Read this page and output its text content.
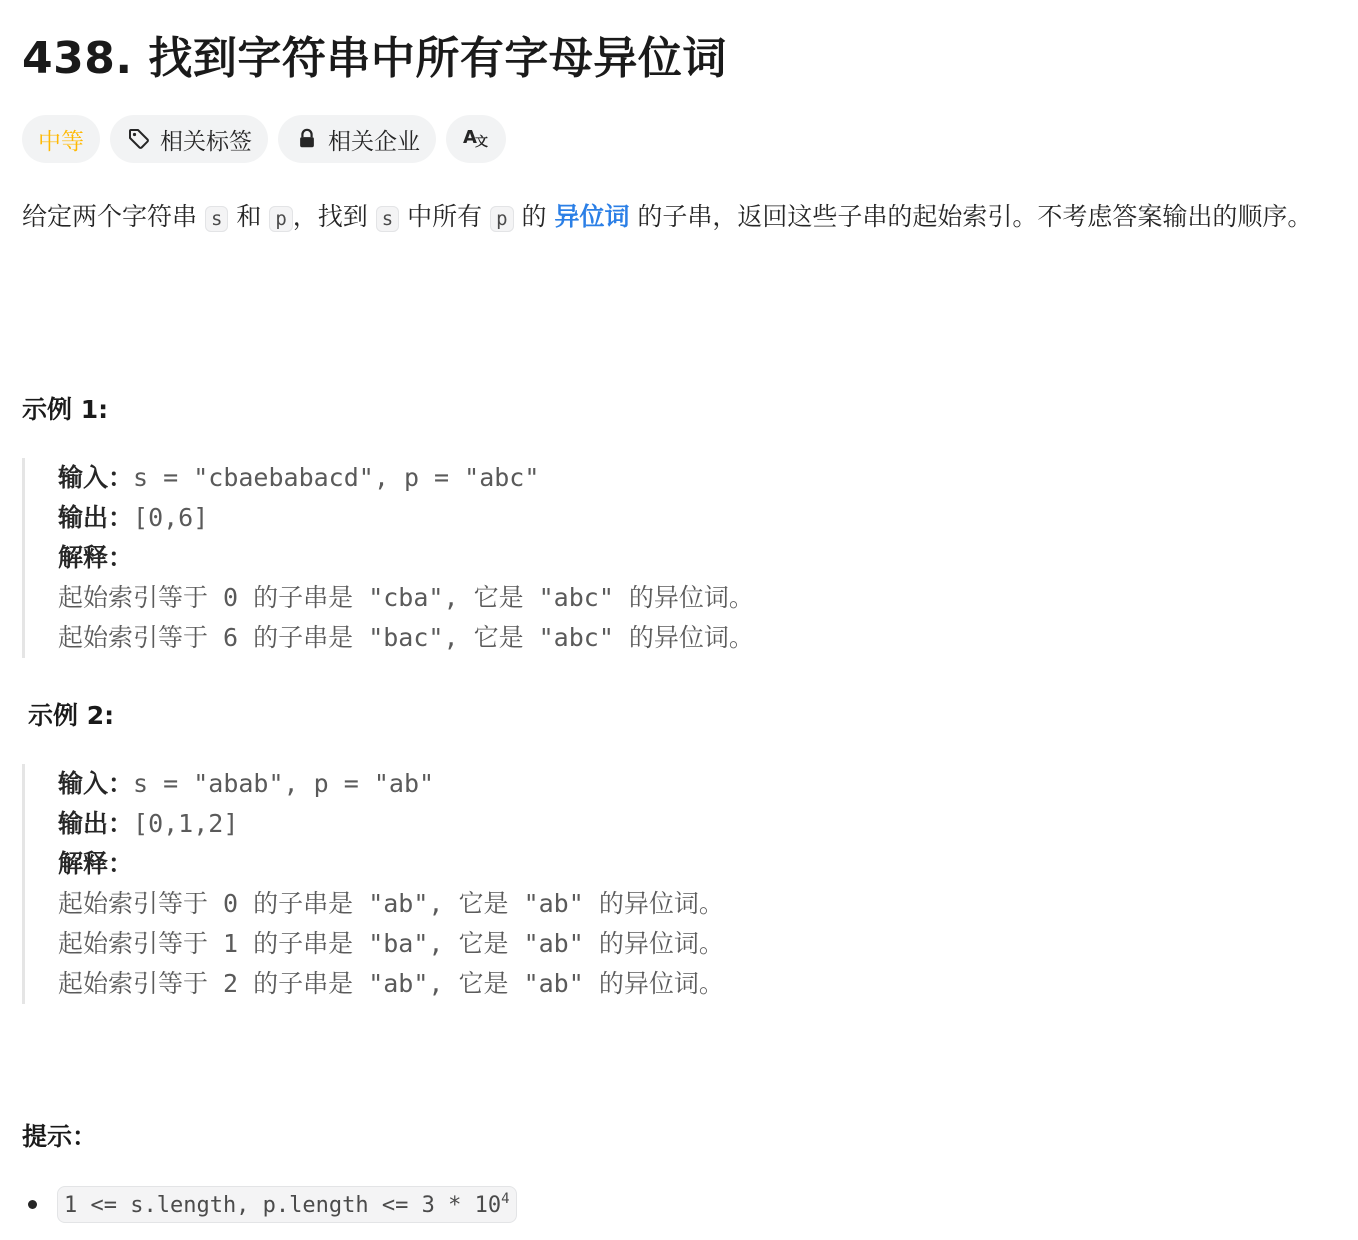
438. 找到字符串中所有字母异位词
中等	相关标签	相关企业 A
文

给定两个字符串 s 和 p ，找到 s 中所有 p 的 异位词 的子串，返回这些子串的起始索引。不考虑答案输出的顺序。

示例 1:
输入：s = "cbaebabacd", p = "abc"
输出：[0,6]
解释：
起始索引等于 0 的子串是 "cba", 它是 "abc" 的异位词。
起始索引等于 6 的子串是 "bac", 它是 "abc" 的异位词。
示例 2:
输入：s = "abab", p = "ab"
输出：[0,1,2]
解释：
起始索引等于 0 的子串是 "ab", 它是 "ab" 的异位词。
起始索引等于 1 的子串是 "ba", 它是 "ab" 的异位词。
起始索引等于 2 的子串是 "ab", 它是 "ab" 的异位词。
提示：
1 <= s.length, p.length <= $3 * 10^4$
